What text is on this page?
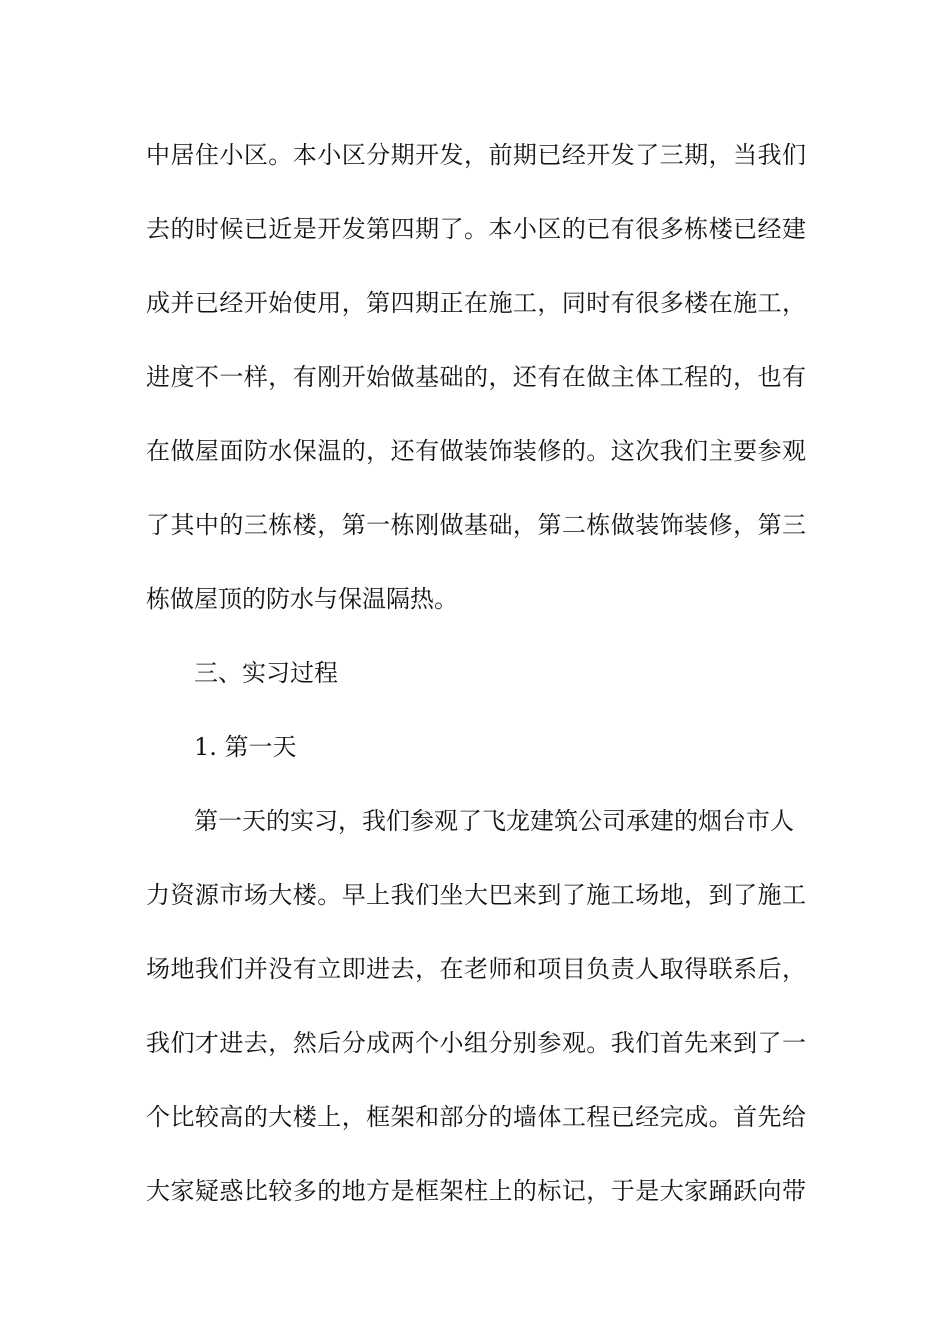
中居住小区。本小区分期开发，前期已经开发了三期，当我们
去的时候已近是开发第四期了。本小区的已有很多栋楼已经建
成并已经开始使用，第四期正在施工，同时有很多楼在施工，
进度不一样，有刚开始做基础的，还有在做主体工程的，也有
在做屋面防水保温的，还有做装饰装修的。这次我们主要参观
了其中的三栋楼，第一栋刚做基础，第二栋做装饰装修，第三
栋做屋顶的防水与保温隔热。
三、实习过程
1. 第一天
第一天的实习，我们参观了飞龙建筑公司承建的烟台市人
力资源市场大楼。早上我们坐大巴来到了施工场地，到了施工
场地我们并没有立即进去，在老师和项目负责人取得联系后，
我们才进去，然后分成两个小组分别参观。我们首先来到了一
个比较高的大楼上，框架和部分的墙体工程已经完成。首先给
大家疑惑比较多的地方是框架柱上的标记，于是大家踊跃向带
